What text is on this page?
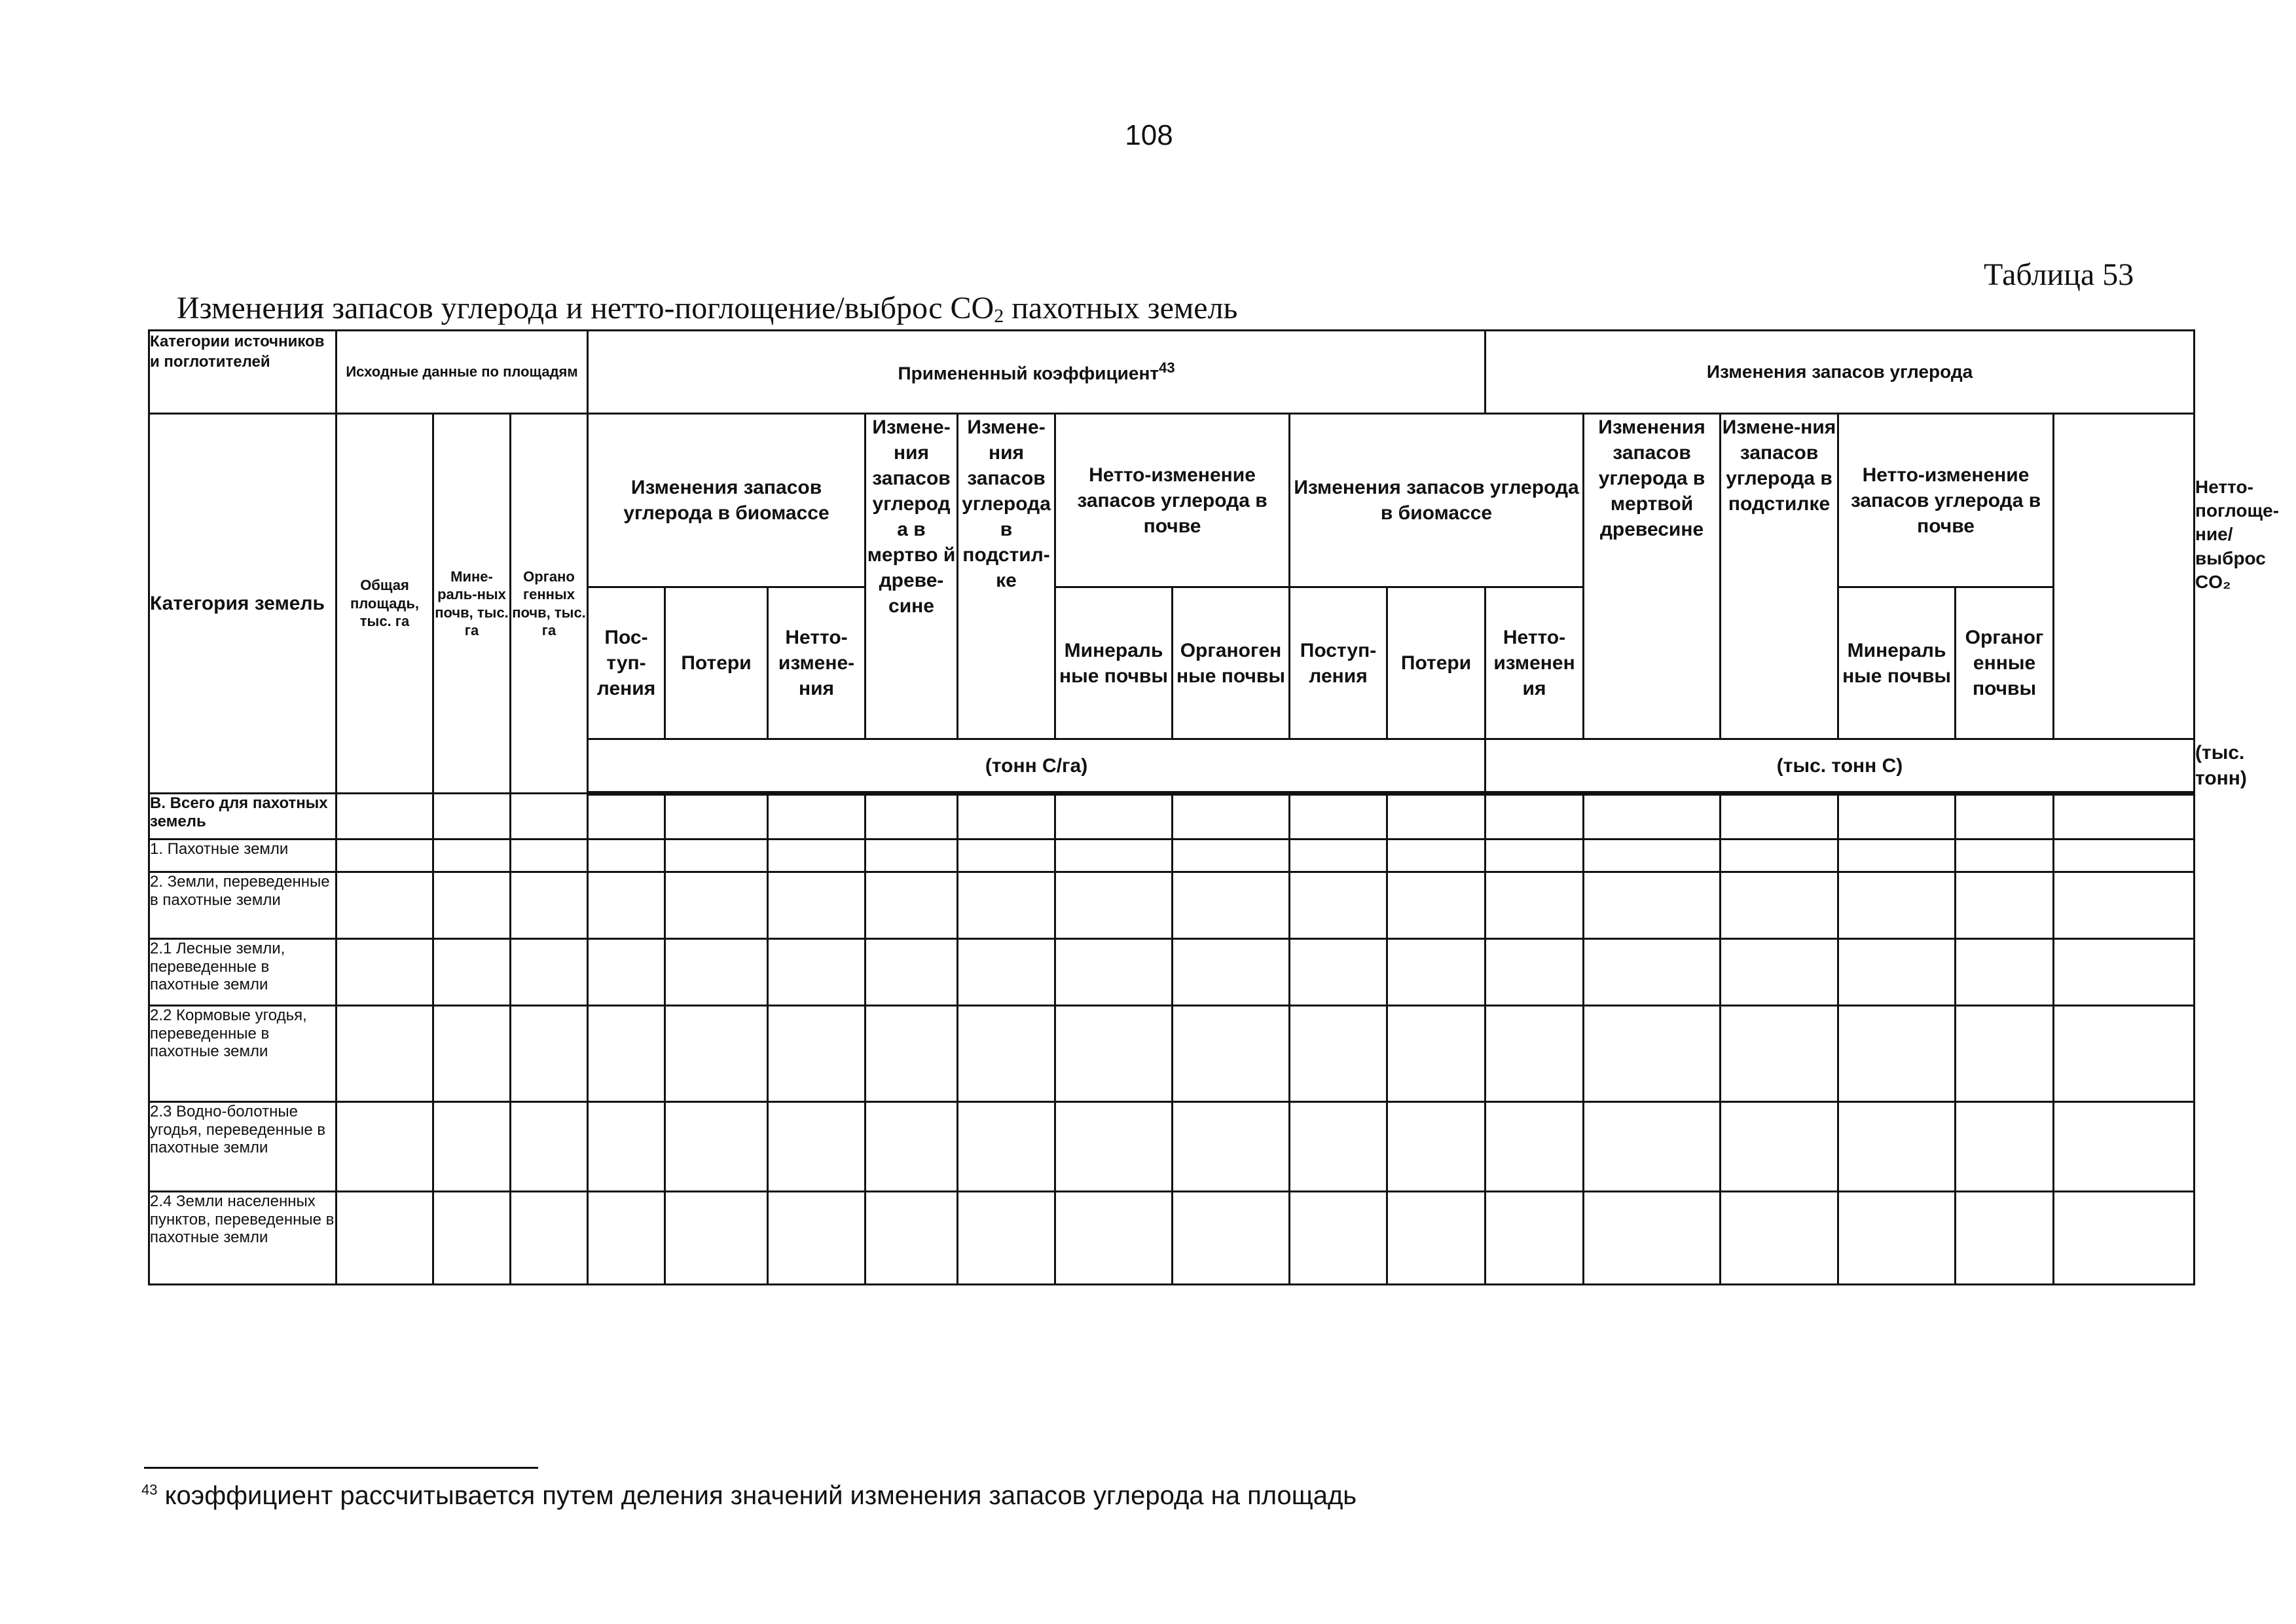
108
Таблица 53
Изменения запасов углерода и нетто-поглощение/выброс $CO_2$ пахотных земель
Категории источников и поглотителей	Исходные данные по площадям			Примененный коэффициент$^{43}$									Изменения запасов углерода						Нетто-поглоще-ние/выброс CO₂
Категория земель	Общая площадь, тыс. га	Мине-раль-ных почв, тыс. га	Органо генных почв, тыс. га	Изменения запасов углерода в биомассе			Измене-ния запасов углерод а в мертво й древе-сине	Измене-ния запасов углерода в подстил-ке	Нетто-изменение запасов углерода в почве		Изменения запасов углерода в биомассе			Изменения запасов углерода в мертвой древесине	Измене-ния запасов углерода в подстилке	Нетто-изменение запасов углерода в почве			
				Пос-туп-ления	Потери	Нетто-измене-ния			Минераль ные почвы	Органоген ные почвы	Поступ-ления	Потери	Нетто-изменен ия			Минераль ные почвы	Органог енные почвы		
				(тонн С/га)									(тыс. тонн С)						(тыс. тонн)
В. Всего для пахотных земель																			
1. Пахотные земли																			
2. Земли, переведенные в пахотные земли																			
2.1 Лесные земли, переведенные в пахотные земли																			
2.2 Кормовые угодья, переведенные в пахотные земли																			
2.3 Водно-болотные угодья, переведенные в пахотные земли																			
2.4 Земли населенных пунктов, переведенные в пахотные земли																			
$^{43}$ коэффициент рассчитывается путем деления значений изменения запасов углерода на площадь
